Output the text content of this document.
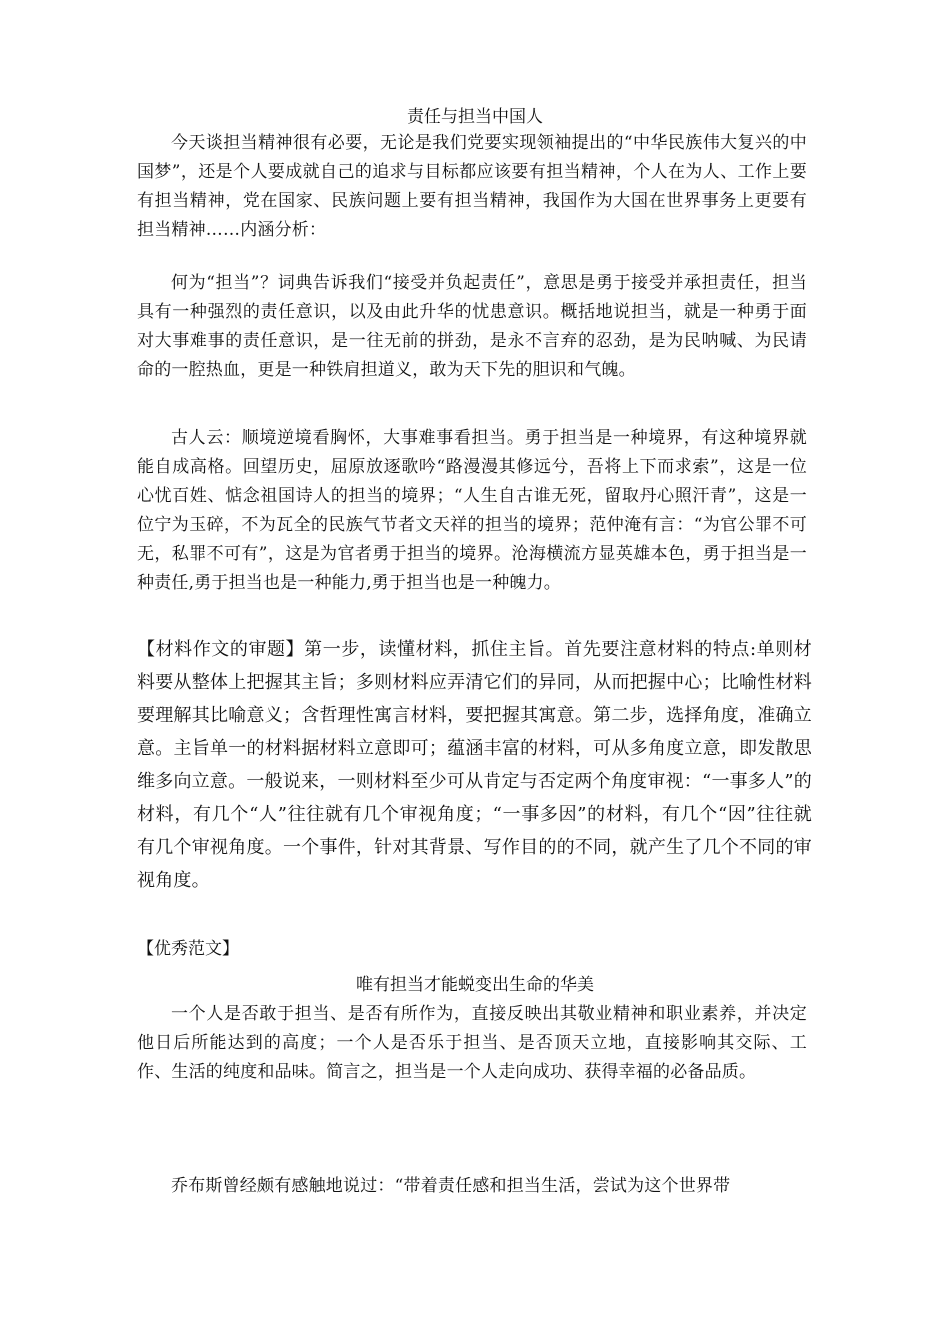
责任与担当中国人

今天谈担当精神很有必要，无论是我们党要实现领袖提出的“中华民族伟大复兴的中国梦”，还是个人要成就自己的追求与目标都应该要有担当精神，个人在为人、工作上要有担当精神，党在国家、民族问题上要有担当精神，我国作为大国在世界事务上更要有担当精神……内涵分析：

何为“担当”？词典告诉我们“接受并负起责任”，意思是勇于接受并承担责任，担当具有一种强烈的责任意识，以及由此升华的忧患意识。概括地说担当，就是一种勇于面对大事难事的责任意识，是一往无前的拼劲，是永不言弃的忍劲，是为民呐喊、为民请命的一腔热血，更是一种铁肩担道义，敢为天下先的胆识和气魄。

古人云：顺境逆境看胸怀，大事难事看担当。勇于担当是一种境界，有这种境界就能自成高格。回望历史，屈原放逐歌吟“路漫漫其修远兮，吾将上下而求索”，这是一位心忧百姓、惦念祖国诗人的担当的境界；“人生自古谁无死，留取丹心照汗青”，这是一位宁为玉碎，不为瓦全的民族气节者文天祥的担当的境界；范仲淹有言：“为官公罪不可无，私罪不可有”，这是为官者勇于担当的境界。沧海横流方显英雄本色，勇于担当是一种责任,勇于担当也是一种能力,勇于担当也是一种魄力。

【材料作文的审题】第一步，读懂材料，抓住主旨。首先要注意材料的特点:单则材料要从整体上把握其主旨；多则材料应弄清它们的异同，从而把握中心；比喻性材料要理解其比喻意义；含哲理性寓言材料，要把握其寓意。第二步，选择角度，准确立意。主旨单一的材料据材料立意即可；蕴涵丰富的材料，可从多角度立意，即发散思维多向立意。一般说来，一则材料至少可从肯定与否定两个角度审视：“一事多人”的材料，有几个“人”往往就有几个审视角度；“一事多因”的材料，有几个“因”往往就有几个审视角度。一个事件，针对其背景、写作目的的不同，就产生了几个不同的审视角度。

【优秀范文】
唯有担当才能蜕变出生命的华美

一个人是否敢于担当、是否有所作为，直接反映出其敬业精神和职业素养，并决定他日后所能达到的高度；一个人是否乐于担当、是否顶天立地，直接影响其交际、工作、生活的纯度和品味。简言之，担当是一个人走向成功、获得幸福的必备品质。

乔布斯曾经颇有感触地说过：“带着责任感和担当生活，尝试为这个世界带
